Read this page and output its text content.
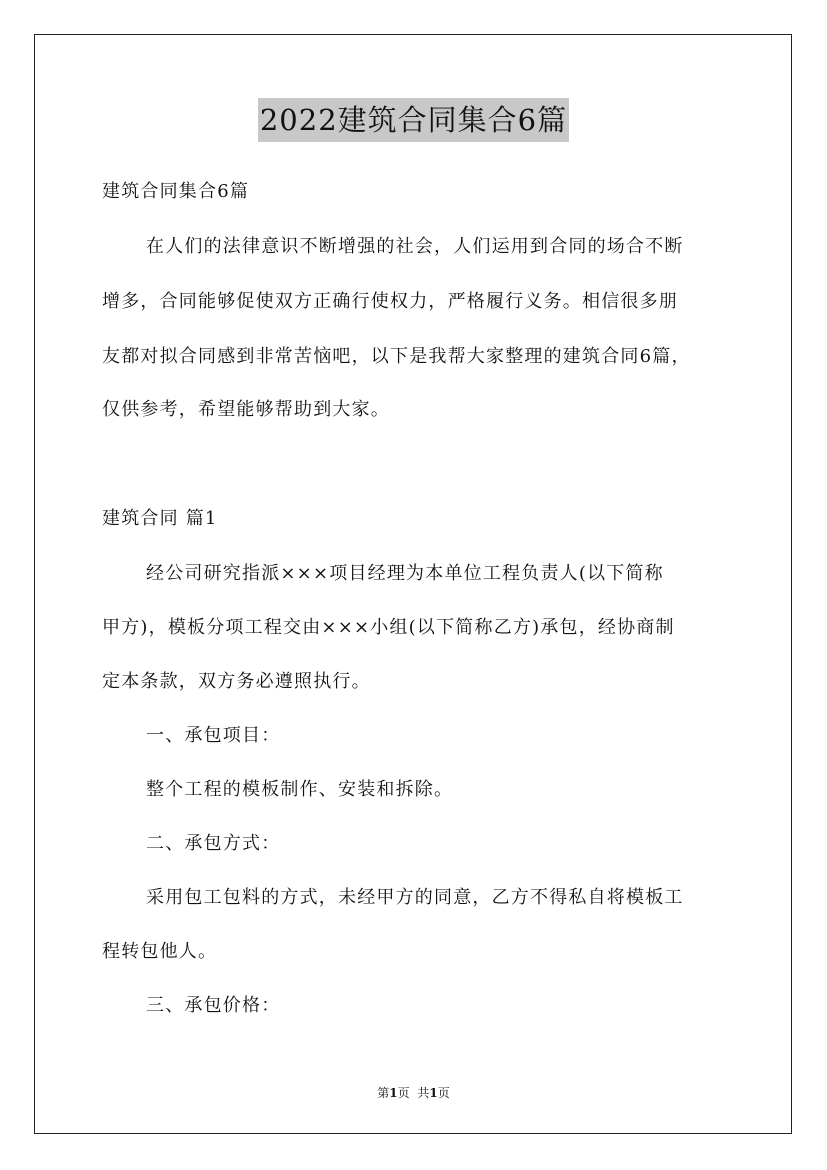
2022建筑合同集合6篇
建筑合同集合6篇
在人们的法律意识不断增强的社会，人们运用到合同的场合不断
增多，合同能够促使双方正确行使权力，严格履行义务。相信很多朋
友都对拟合同感到非常苦恼吧，以下是我帮大家整理的建筑合同6篇，
仅供参考，希望能够帮助到大家。
建筑合同 篇1
经公司研究指派×××项目经理为本单位工程负责人(以下简称
甲方)，模板分项工程交由×××小组(以下简称乙方)承包，经协商制
定本条款，双方务必遵照执行。
一、承包项目：
整个工程的模板制作、安装和拆除。
二、承包方式：
采用包工包料的方式，未经甲方的同意，乙方不得私自将模板工
程转包他人。
三、承包价格：
第1页 共1页
